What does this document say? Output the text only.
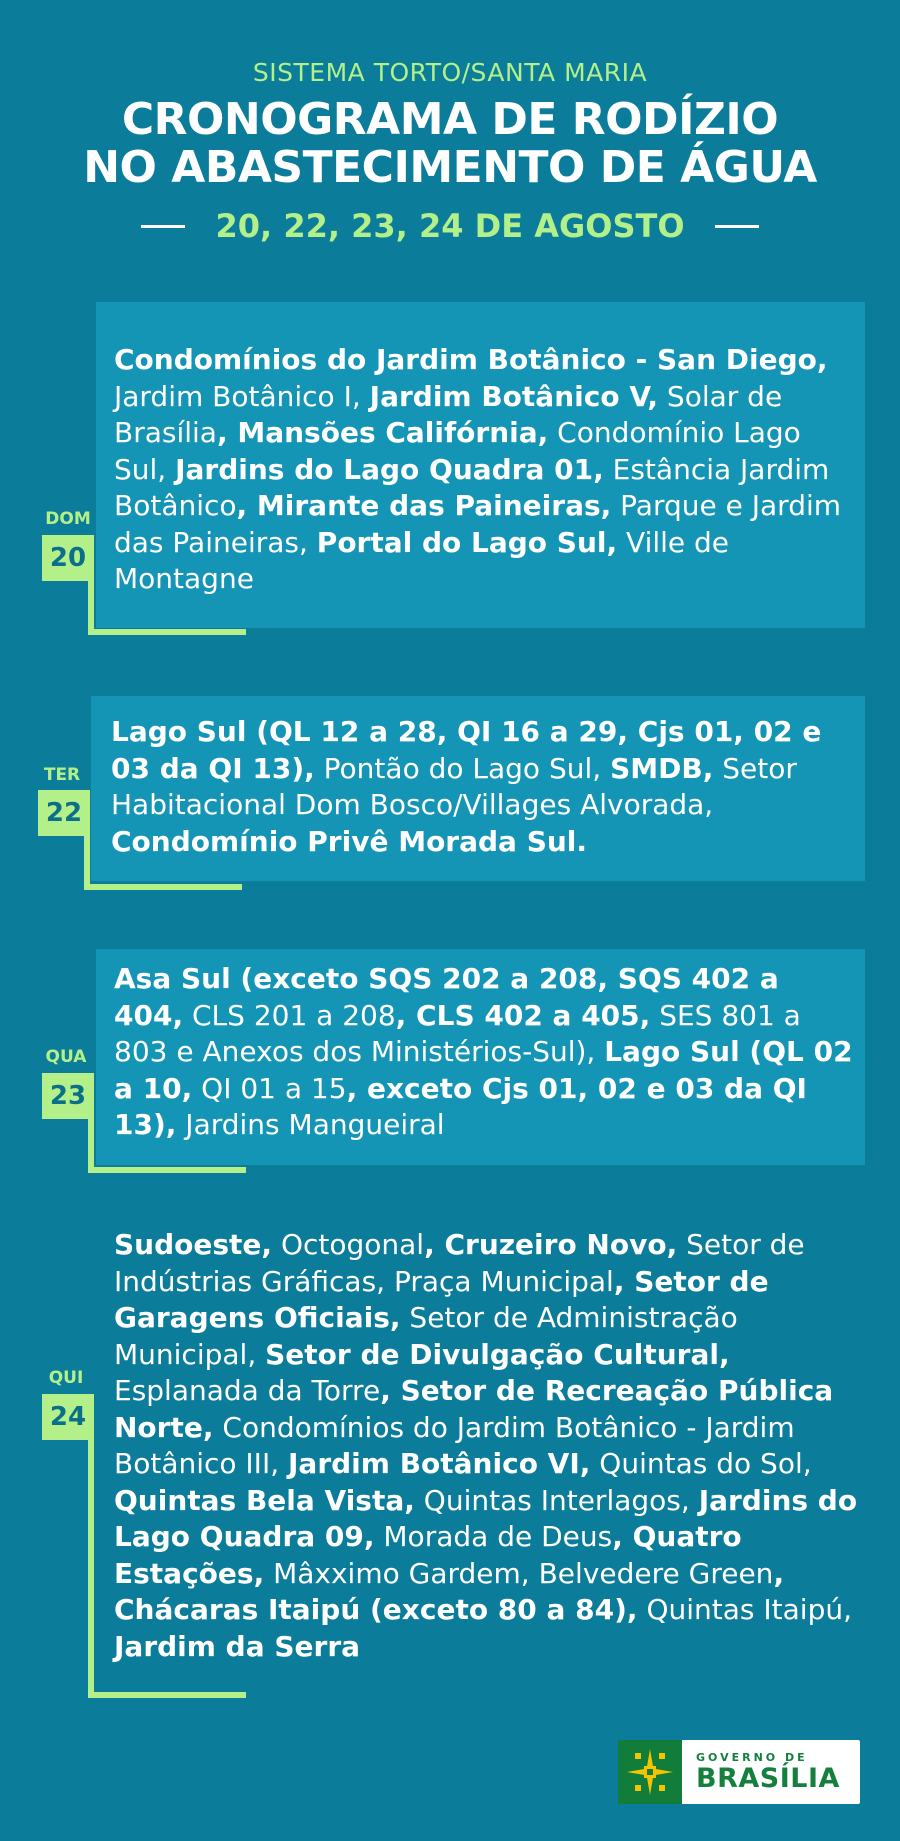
SISTEMA TORTO/SANTA MARIA
CRONOGRAMA DE RODÍZIO
NO ABASTECIMENTO DE ÁGUA
20, 22, 23, 24 DE AGOSTO
Condomínios do Jardim Botânico - San Diego, Jardim Botânico I, Jardim Botânico V, Solar de Brasília, Mansões Califórnia, Condomínio Lago Sul, Jardins do Lago Quadra 01, Estância Jardim Botânico, Mirante das Paineiras, Parque e Jardim das Paineiras, Portal do Lago Sul, Ville de Montagne
DOM
20
Lago Sul (QL 12 a 28, QI 16 a 29, Cjs 01, 02 e 03 da QI 13), Pontão do Lago Sul, SMDB, Setor Habitacional Dom Bosco/Villages Alvorada, Condomínio Privê Morada Sul.
TER
22
Asa Sul (exceto SQS 202 a 208, SQS 402 a 404, CLS 201 a 208, CLS 402 a 405, SES 801 a 803 e Anexos dos Ministérios-Sul), Lago Sul (QL 02 a 10, QI 01 a 15, exceto Cjs 01, 02 e 03 da QI 13), Jardins Mangueiral
QUA
23
Sudoeste, Octogonal, Cruzeiro Novo, Setor de Indústrias Gráficas, Praça Municipal, Setor de Garagens Oficiais, Setor de Administração Municipal, Setor de Divulgação Cultural, Esplanada da Torre, Setor de Recreação Pública Norte, Condomínios do Jardim Botânico - Jardim Botânico III, Jardim Botânico VI, Quintas do Sol, Quintas Bela Vista, Quintas Interlagos, Jardins do Lago Quadra 09, Morada de Deus, Quatro Estações, Mâxximo Gardem, Belvedere Green, Chácaras Itaipú (exceto 80 a 84), Quintas Itaipú, Jardim da Serra
QUI
24
GOVERNO DE
BRASÍLIA
